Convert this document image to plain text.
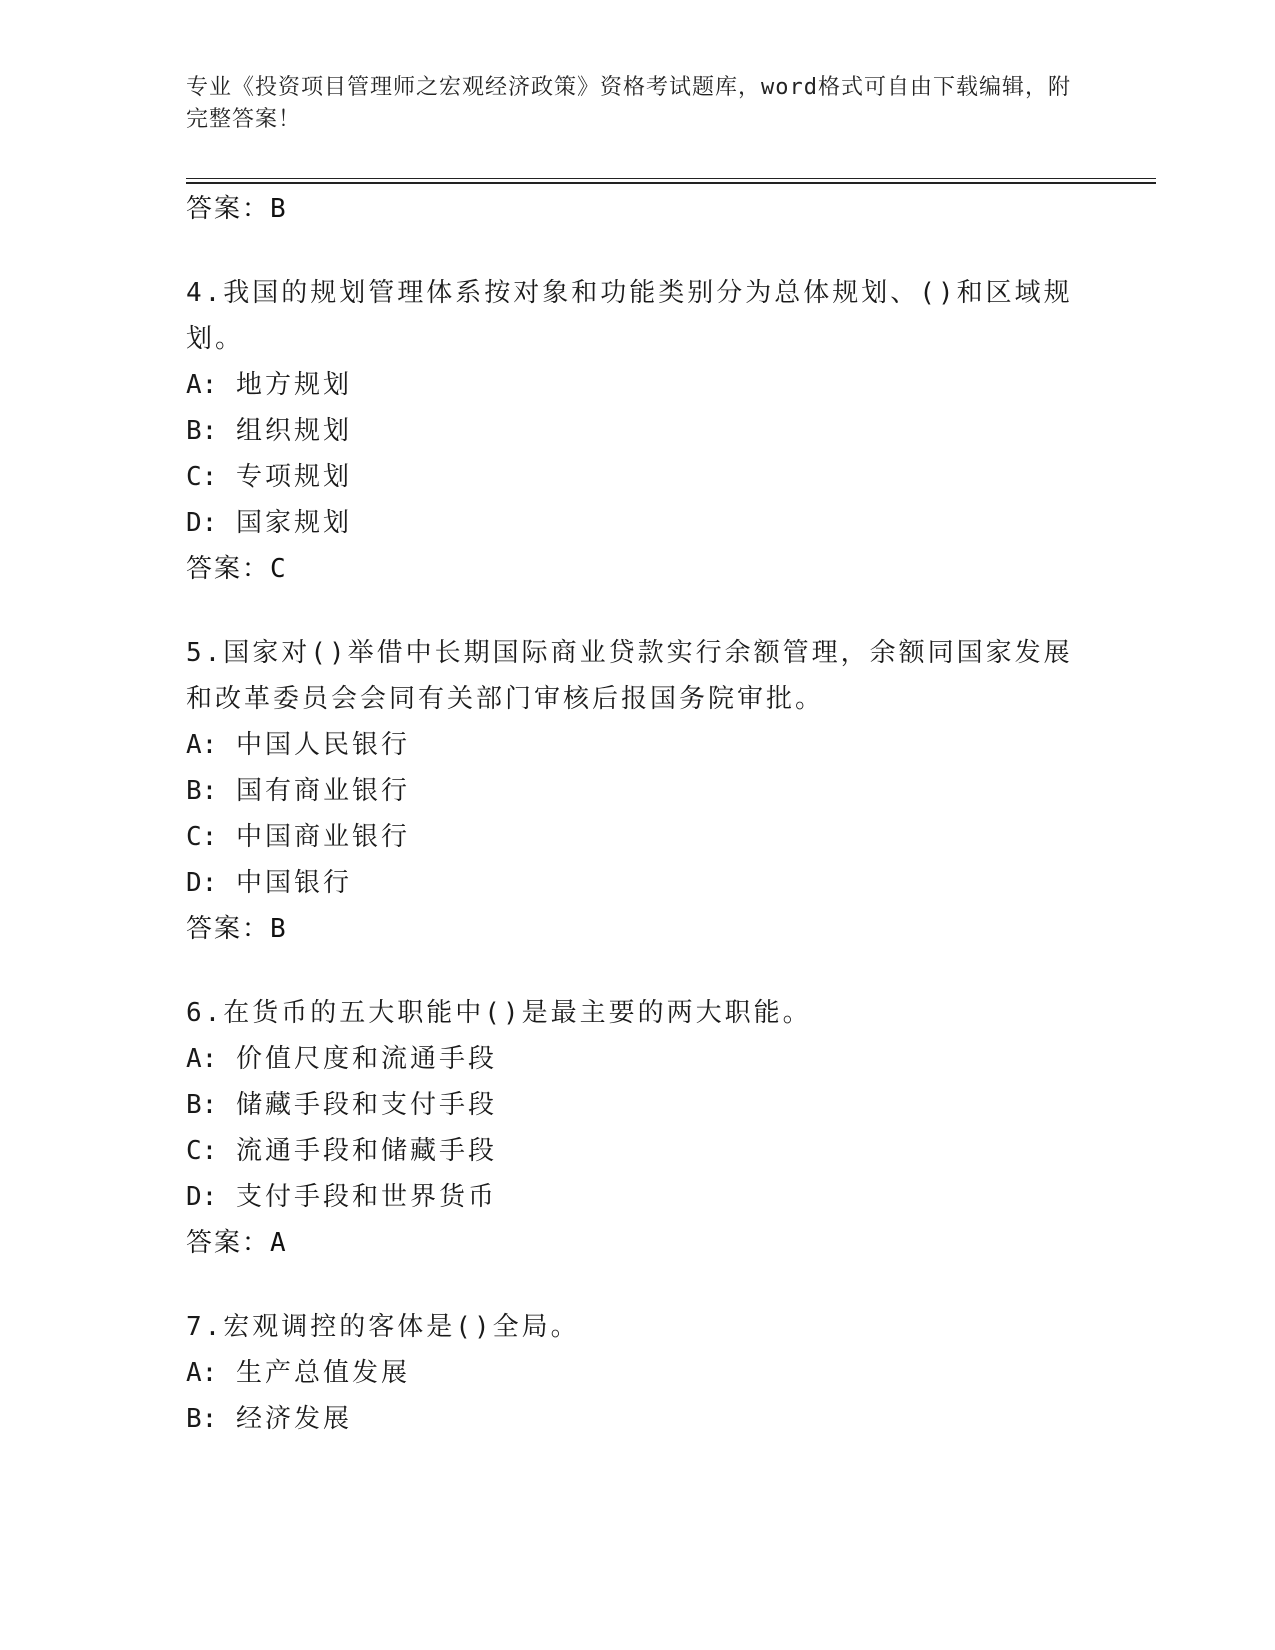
专业《投资项目管理师之宏观经济政策》资格考试题库，word格式可自由下载编辑，附完整答案！
答案：B

4.我国的规划管理体系按对象和功能类别分为总体规划、()和区域规划。

A: 地方规划
B: 组织规划
C: 专项规划
D: 国家规划
答案：C

5.国家对()举借中长期国际商业贷款实行余额管理，余额同国家发展和改革委员会会同有关部门审核后报国务院审批。

A: 中国人民银行
B: 国有商业银行
C: 中国商业银行
D: 中国银行
答案：B

6.在货币的五大职能中()是最主要的两大职能。

A: 价值尺度和流通手段
B: 储藏手段和支付手段
C: 流通手段和储藏手段
D: 支付手段和世界货币
答案：A

7.宏观调控的客体是()全局。

A: 生产总值发展
B: 经济发展
